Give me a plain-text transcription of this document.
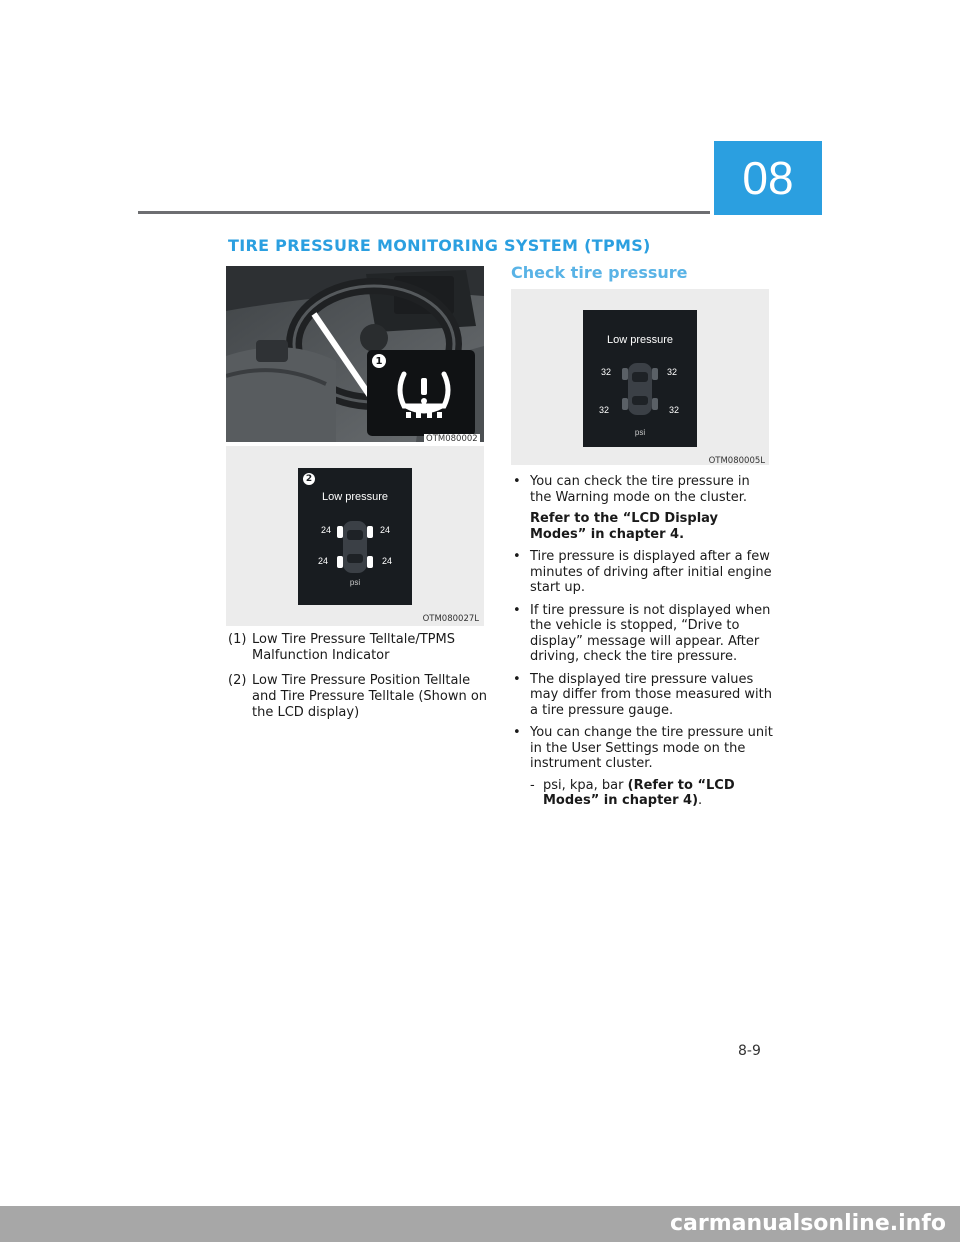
08
TIRE PRESSURE MONITORING SYSTEM (TPMS)
Check tire pressure
1
OTM080002
2
Low pressure
24	24
24	24
psi
OTM080027L
Low pressure
32	32
32	32
psi
OTM080005L
(1) Low Tire Pressure Telltale/TPMS Malfunction Indicator
(2) Low Tire Pressure Position Telltale and Tire Pressure Telltale (Shown on the LCD display)
• You can check the tire pressure in the Warning mode on the cluster.
Refer to the “LCD Display Modes” in chapter 4.
• Tire pressure is displayed after a few minutes of driving after initial engine start up.
• If tire pressure is not displayed when the vehicle is stopped, “Drive to display” message will appear. After driving, check the tire pressure.
• The displayed tire pressure values may differ from those measured with a tire pressure gauge.
• You can change the tire pressure unit in the User Settings mode on the instrument cluster.
- psi, kpa, bar (Refer to “LCD Modes” in chapter 4).
8-9
carmanualsonline.info
